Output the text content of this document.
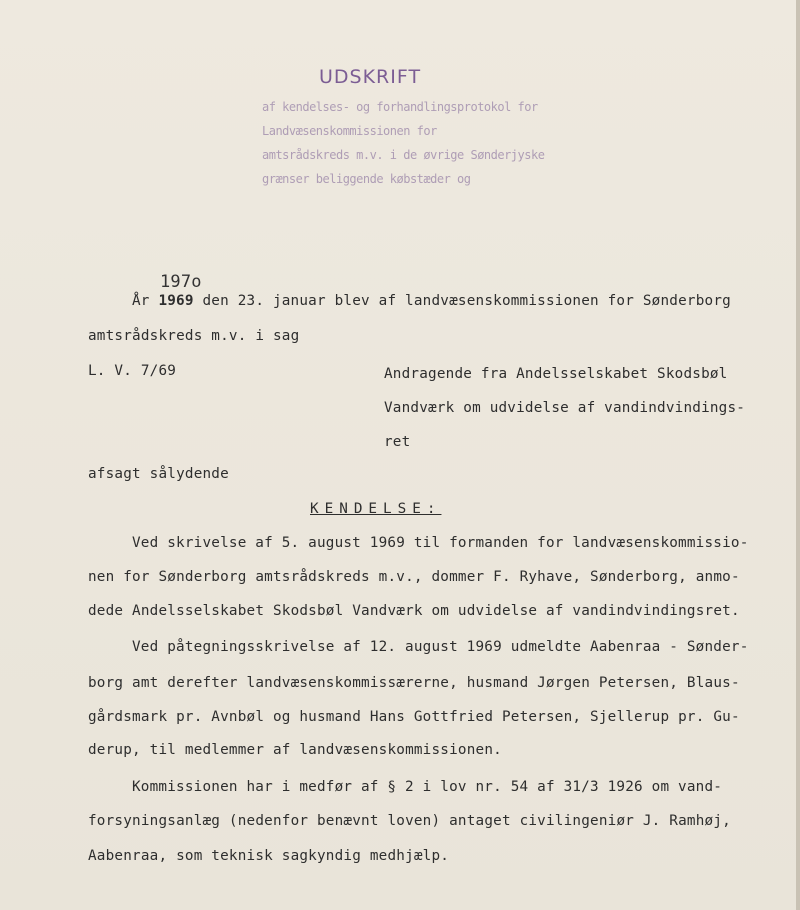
UDSKRIFT
af kendelses- og forhandlingsprotokol for
Landvæsenskommissionen for
amtsrådskreds m.v. i de øvrige Sønderjyske
grænser beliggende købstæder og
197o
År 1969 den 23. januar blev af landvæsenskommissionen for Sønderborg
amtsrådskreds m.v. i sag
L. V. 7/69	Andragende fra Andelsselskabet Skodsbøl
Vandværk om udvidelse af vandindvindings-
ret
afsagt sålydende
KENDELSE:
Ved skrivelse af 5. august 1969 til formanden for landvæsenskommissio-
nen for Sønderborg amtsrådskreds m.v., dommer F. Ryhave, Sønderborg, anmo-
dede Andelsselskabet Skodsbøl Vandværk om udvidelse af vandindvindingsret.
Ved påtegningsskrivelse af 12. august 1969 udmeldte Aabenraa - Sønder-
borg amt derefter landvæsenskommissærerne, husmand Jørgen Petersen, Blaus-
gårdsmark pr. Avnbøl og husmand Hans Gottfried Petersen, Sjellerup pr. Gu-
derup, til medlemmer af landvæsenskommissionen.
Kommissionen har i medfør af § 2 i lov nr. 54 af 31/3 1926 om vand-
forsyningsanlæg (nedenfor benævnt loven) antaget civilingeniør J. Ramhøj,
Aabenraa, som teknisk sagkyndig medhjælp.
